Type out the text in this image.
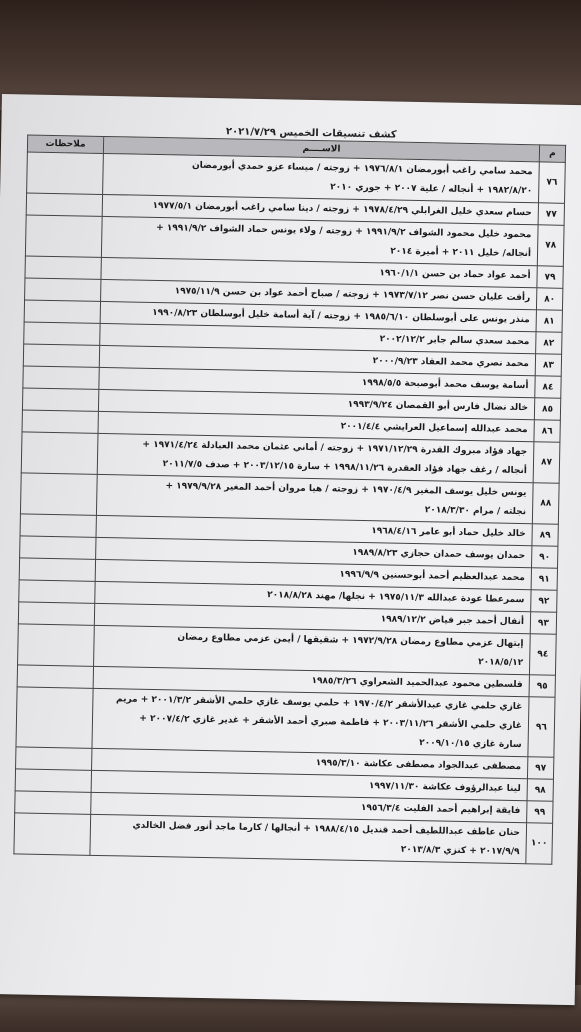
كشف تنسيقات الخميس ٢٠٢١/٧/٢٩
م	الاســــم	ملاحظات
٧٦	محمد سامي راغب أبورمضان ١٩٧٦/٨/١ + زوجته / ميساء عزو حمدي أبورمضان
١٩٨٢/٨/٢٠ + أنجاله / علية ٢٠٠٧ + جوري ٢٠١٠	

٧٧	حسام سعدي خليل الغرابلي ١٩٧٨/٤/٢٩ + زوجته / دينا سامي راغب أبورمضان ١٩٧٧/٥/١	

٧٨	محمود خليل محمود الشواف ١٩٩١/٩/٢ + زوجته / ولاء يونس حماد الشواف ١٩٩١/٩/٢ +
أنجاله/ خليل ٢٠١١ + أميرة ٢٠١٤	

٧٩	أحمد عواد حماد بن حسن ١٩٦٠/١/١	

٨٠	رأفت عليان حسن نصر ١٩٧٣/٧/١٢ + زوجته / صباح أحمد عواد بن حسن ١٩٧٥/١١/٩	

٨١	منذر يونس على أبوسلطان ١٩٨٥/٦/١٠ + زوجته / آية أسامة خليل أبوسلطان ١٩٩٠/٨/٢٣	

٨٢	محمد سعدي سالم جابر ٢٠٠٢/١٢/٢	

٨٣	محمد نصري محمد العقاد ٢٠٠٠/٩/٢٣	

٨٤	أسامة يوسف محمد أبوصبحة ١٩٩٨/٥/٥	

٨٥	خالد نضال فارس أبو القمصان ١٩٩٣/٩/٢٤	

٨٦	محمد عبدالله إسماعيل العرايشي ٢٠٠١/٤/٤	

٨٧	جهاد فؤاد مبروك القدرة ١٩٧١/١٢/٢٩ + زوجته / أماني عثمان محمد العبادلة ١٩٧١/٤/٢٤ +
أنجاله / رغف جهاد فؤاد العقدرة ١٩٩٨/١١/٢٦ + سارة ٢٠٠٣/١٢/١٥ + صدف ٢٠١١/٧/٥	

٨٨	يونس خليل يوسف المغير ١٩٧٠/٤/٩ + زوجته / هيا مروان أحمد المغير ١٩٧٩/٩/٢٨ +
نجلته / مرام ٢٠١٨/٣/٣٠	

٨٩	خالد خليل حماد أبو عامر ١٩٦٨/٤/١٦	

٩٠	حمدان يوسف حمدان حجازي ١٩٨٩/٨/٢٣	

٩١	محمد عبدالعظيم أحمد أبوحسنين ١٩٩٦/٩/٩	

٩٢	سمرعطا عودة عبدالله ١٩٧٥/١١/٣ + نجلها/ مهند ٢٠١٨/٨/٢٨	

٩٣	أنفال أحمد جبر فياض ١٩٨٩/١٢/٢	

٩٤	إبتهال عزمي مطاوع رمضان ١٩٧٢/٩/٢٨ + شقيقها / أيمن عزمي مطاوع رمضان
٢٠١٨/٥/١٢	

٩٥	فلسطين محمود عبدالحميد الشعراوي ١٩٨٥/٣/٢٦	

٩٦	غازي حلمي غازي عبدالأشقر ١٩٧٠/٤/٢ + حلمي يوسف غازي حلمي الأشقر ٢٠٠١/٣/٢ + مريم
غازي حلمي الأشقر ٢٠٠٣/١١/٢٦ + فاطمة صبري أحمد الأشقر + غدير غازي ٢٠٠٧/٤/٢ +
سارة غازي ٢٠٠٩/١٠/١٥	

٩٧	مصطفى عبدالجواد مصطفى عكاشة ١٩٩٥/٣/١٠	

٩٨	لينا عبدالرؤوف عكاشة ١٩٩٧/١١/٣٠	

٩٩	فايقة إبراهيم أحمد الفليت ١٩٥٦/٣/٤	

١٠٠	حنان عاطف عبداللطيف أحمد قنديل ١٩٨٨/٤/١٥ + أنجالها / كارما ماجد أنور فضل الخالدي
٢٠١٧/٩/٩ + كنزي ٢٠١٣/٨/٣	
